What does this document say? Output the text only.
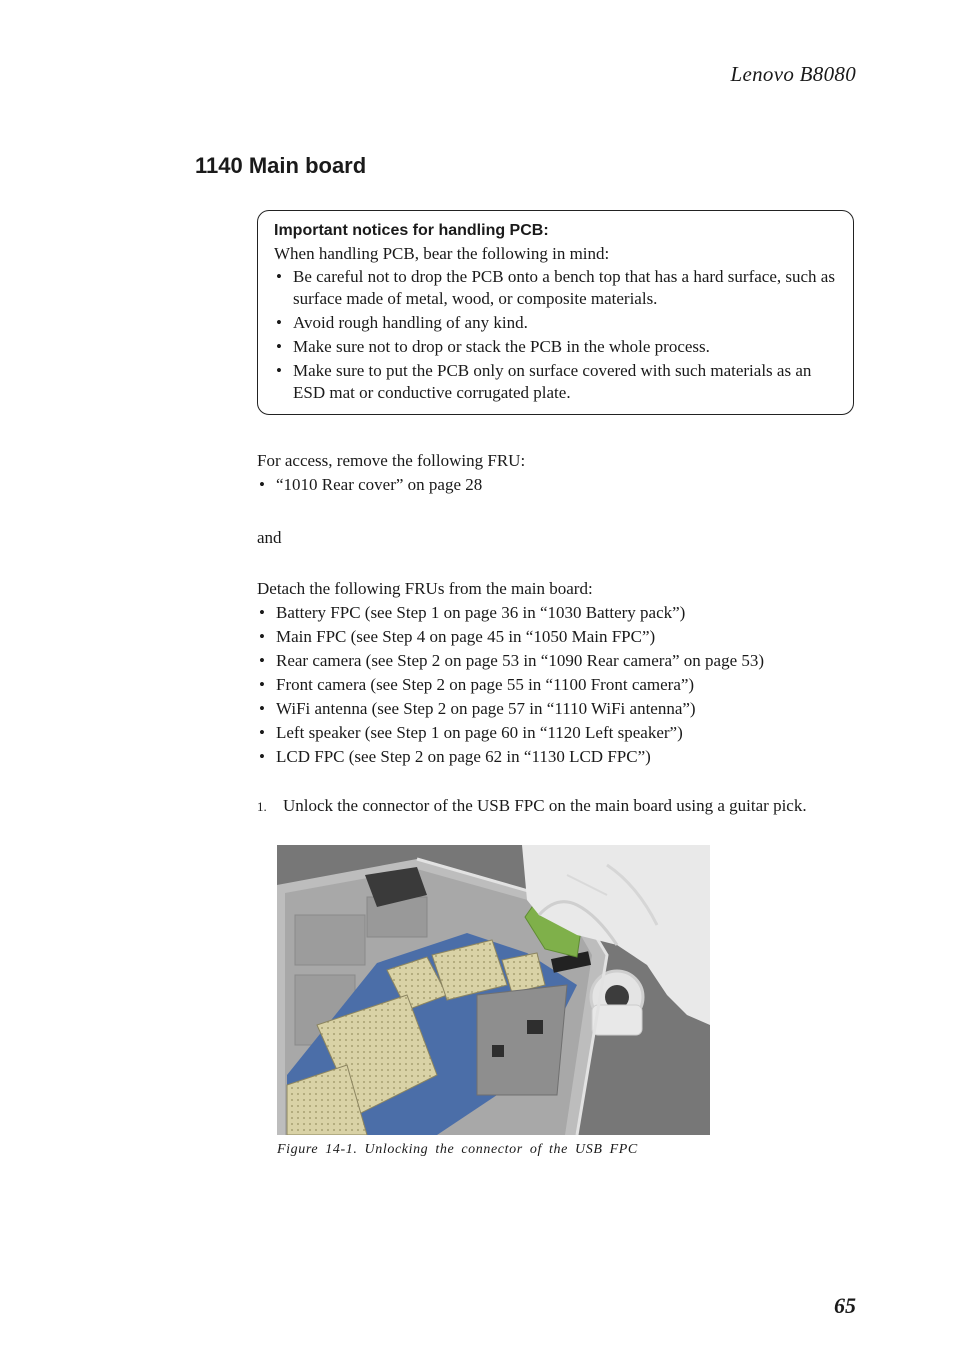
Lenovo B8080
1140 Main board
Important notices for handling PCB:
When handling PCB, bear the following in mind:
• Be careful not to drop the PCB onto a bench top that has a hard surface, such as surface made of metal, wood, or composite materials.
• Avoid rough handling of any kind.
• Make sure not to drop or stack the PCB in the whole process.
• Make sure to put the PCB only on surface covered with such materials as an ESD mat or conductive corrugated plate.
For access, remove the following FRU:
• “1010 Rear cover” on page 28
and
Detach the following FRUs from the main board:
• Battery FPC (see Step 1 on page 36 in “1030 Battery pack”)
• Main FPC (see Step 4 on page 45 in “1050 Main FPC”)
• Rear camera (see Step 2 on page 53 in “1090 Rear camera” on page 53)
• Front camera (see Step 2 on page 55 in “1100 Front camera”)
• WiFi antenna (see Step 2 on page 57 in “1110 WiFi antenna”)
• Left speaker (see Step 1 on page 60 in “1120 Left speaker”)
• LCD FPC (see Step 2 on page 62 in “1130 LCD FPC”)
1. Unlock the connector of the USB FPC on the main board using a guitar pick.
Figure 14-1. Unlocking the connector of the USB FPC
65
